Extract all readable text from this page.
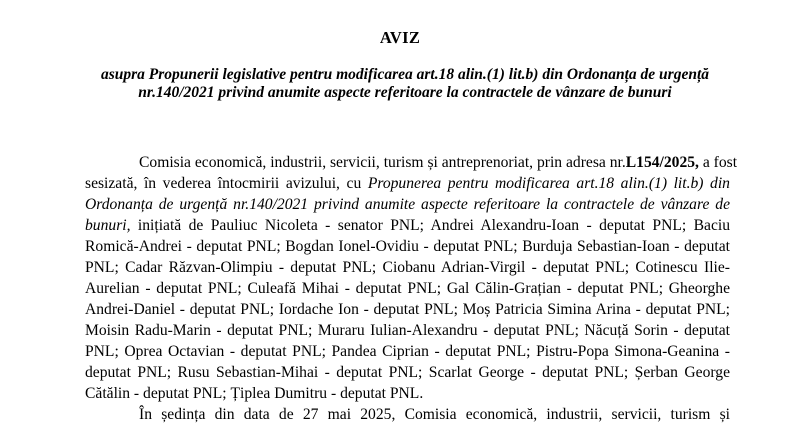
AVIZ
asupra Propunerii legislative pentru modificarea art.18 alin.(1) lit.b) din Ordonanța de urgență
nr.140/2021 privind anumite aspecte referitoare la contractele de vânzare de bunuri
Comisia economică, industrii, servicii, turism și antreprenoriat, prin adresa nr.L154/2025, a fost
sesizată, în vederea întocmirii avizului, cu Propunerea pentru modificarea art.18 alin.(1) lit.b) din
Ordonanța de urgență nr.140/2021 privind anumite aspecte referitoare la contractele de vânzare de
bunuri, inițiată de Pauliuc Nicoleta - senator PNL; Andrei Alexandru-Ioan - deputat PNL; Baciu
Romică-Andrei - deputat PNL; Bogdan Ionel-Ovidiu - deputat PNL; Burduja Sebastian-Ioan - deputat
PNL; Cadar Răzvan-Olimpiu - deputat PNL; Ciobanu Adrian-Virgil - deputat PNL; Cotinescu Ilie-
Aurelian - deputat PNL; Culeafă Mihai - deputat PNL; Gal Călin-Grațian - deputat PNL; Gheorghe
Andrei-Daniel - deputat PNL; Iordache Ion - deputat PNL; Moș Patricia Simina Arina - deputat PNL;
Moisin Radu-Marin - deputat PNL; Muraru Iulian-Alexandru - deputat PNL; Năcuță Sorin - deputat
PNL; Oprea Octavian - deputat PNL; Pandea Ciprian - deputat PNL; Pistru-Popa Simona-Geanina -
deputat PNL; Rusu Sebastian-Mihai - deputat PNL; Scarlat George - deputat PNL; Șerban George
Cătălin - deputat PNL; Țiplea Dumitru - deputat PNL.
În ședința din data de 27 mai 2025, Comisia economică, industrii, servicii, turism și
